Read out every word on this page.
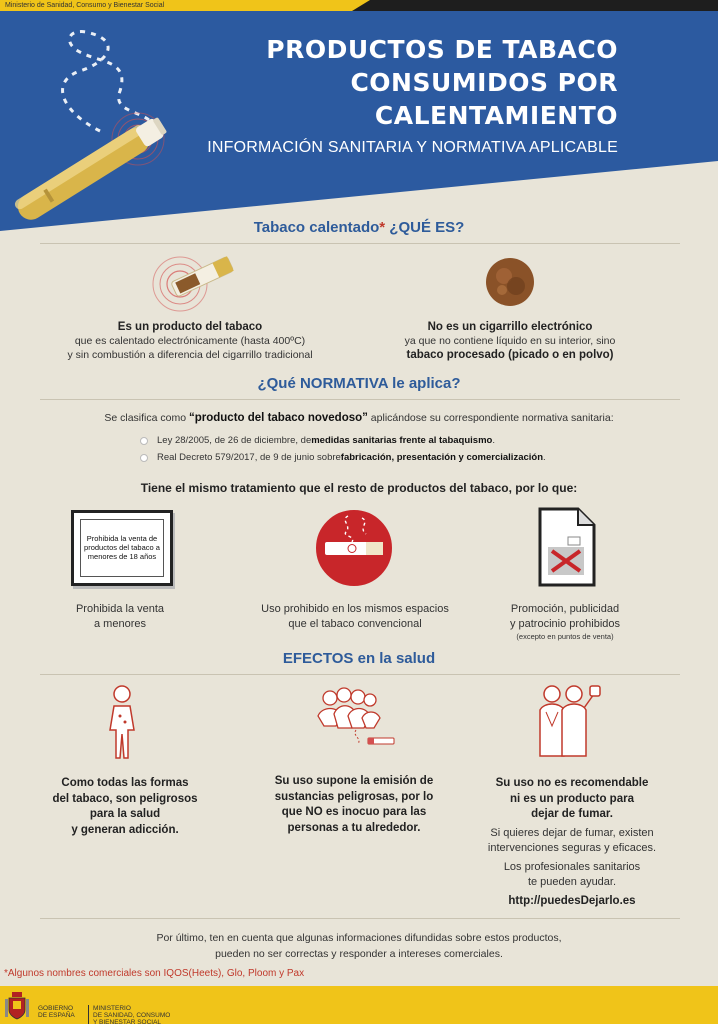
Ministerio de Sanidad, Consumo y Bienestar Social
PRODUCTOS DE TABACO
CONSUMIDOS POR
CALENTAMIENTO
INFORMACIÓN SANITARIA Y NORMATIVA APLICABLE
Tabaco calentado* ¿QUÉ ES?
Es un producto del tabaco
que es calentado electrónicamente (hasta 400ºC)
y sin combustión a diferencia del cigarrillo tradicional
No es un cigarrillo electrónico
ya que no contiene líquido en su interior, sino
tabaco procesado (picado o en polvo)
¿Qué NORMATIVA le aplica?
Se clasifica como “producto del tabaco novedoso” aplicándose su correspondiente normativa sanitaria:
Ley 28/2005, de 26 de diciembre, de medidas sanitarias frente al tabaquismo .
Real Decreto 579/2017, de 9 de junio sobre fabricación, presentación y comercialización .
Tiene el mismo tratamiento que el resto de productos del tabaco, por lo que:
Prohibida la venta de productos del tabaco a menores de 18 años
Prohibida la venta
a menores
Uso prohibido en los mismos espacios
que el tabaco convencional
Promoción, publicidad
y patrocinio prohibidos
(excepto en puntos de venta)
EFECTOS en la salud
Como todas las formas
del tabaco, son peligrosos
para la salud
y generan adicción.
Su uso supone la emisión de
sustancias peligrosas, por lo
que NO es inocuo para las
personas a tu alrededor.
Su uso no es recomendable
ni es un producto para
dejar de fumar.
Si quieres dejar de fumar, existen
intervenciones seguras y eficaces.
Los profesionales sanitarios
te pueden ayudar.
http://puedesDejarlo.es
Por último, ten en cuenta que algunas informaciones difundidas sobre estos productos,
pueden no ser correctas y responder a intereses comerciales.
*Algunos nombres comerciales son IQOS(Heets), Glo, Ploom y Pax
GOBIERNO
DE ESPAÑA
MINISTERIO
DE SANIDAD, CONSUMO
Y BIENESTAR SOCIAL
